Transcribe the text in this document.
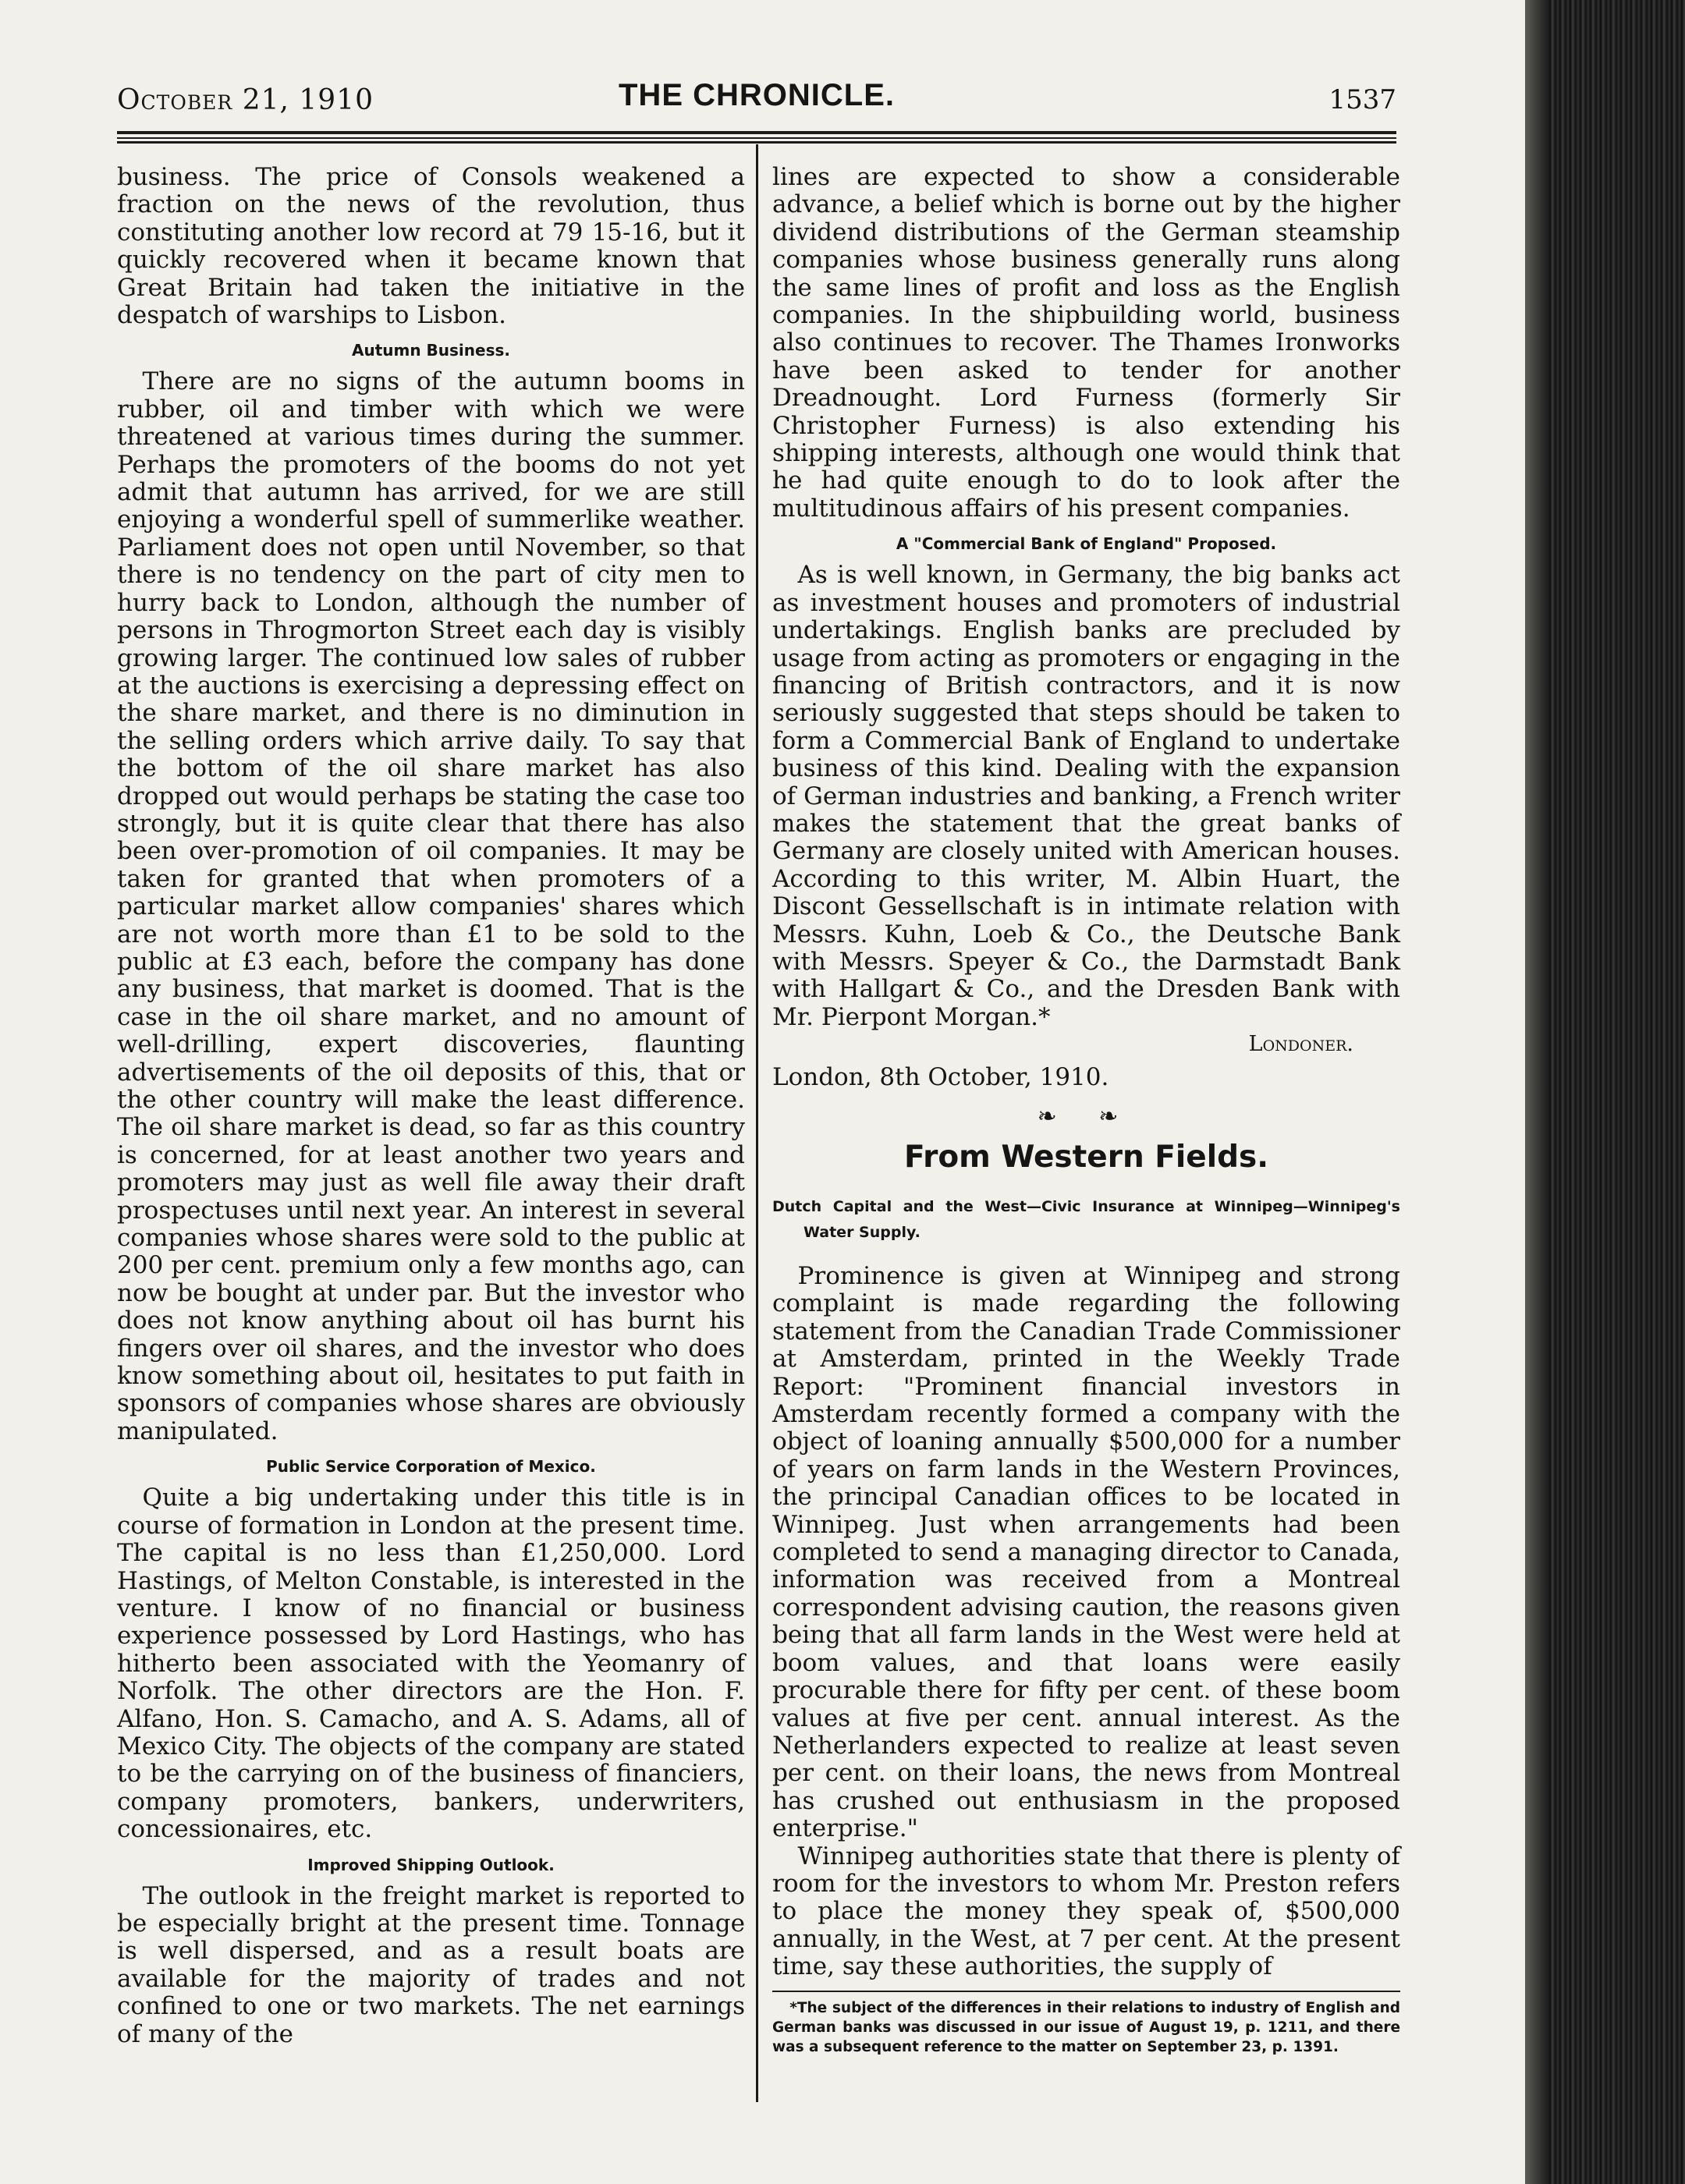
October 21, 1910	THE CHRONICLE.	1537

business. The price of Consols weakened a fraction on the news of the revolution, thus constituting another low record at 79 15-16, but it quickly recovered when it became known that Great Britain had taken the initiative in the despatch of warships to Lisbon.

Autumn Business.

There are no signs of the autumn booms in rubber, oil and timber with which we were threatened at various times during the summer. Perhaps the promoters of the booms do not yet admit that autumn has arrived, for we are still enjoying a wonderful spell of summerlike weather. Parliament does not open until November, so that there is no tendency on the part of city men to hurry back to London, although the number of persons in Throgmorton Street each day is visibly growing larger. The continued low sales of rubber at the auctions is exercising a depressing effect on the share market, and there is no diminution in the selling orders which arrive daily. To say that the bottom of the oil share market has also dropped out would perhaps be stating the case too strongly, but it is quite clear that there has also been over-promotion of oil companies. It may be taken for granted that when promoters of a particular market allow companies' shares which are not worth more than £1 to be sold to the public at £3 each, before the company has done any business, that market is doomed. That is the case in the oil share market, and no amount of well-drilling, expert discoveries, flaunting advertisements of the oil deposits of this, that or the other country will make the least difference. The oil share market is dead, so far as this country is concerned, for at least another two years and promoters may just as well file away their draft prospectuses until next year. An interest in several companies whose shares were sold to the public at 200 per cent. premium only a few months ago, can now be bought at under par. But the investor who does not know anything about oil has burnt his fingers over oil shares, and the investor who does know something about oil, hesitates to put faith in sponsors of companies whose shares are obviously manipulated.

Public Service Corporation of Mexico.

Quite a big undertaking under this title is in course of formation in London at the present time. The capital is no less than £1,250,000. Lord Hastings, of Melton Constable, is interested in the venture. I know of no financial or business experience possessed by Lord Hastings, who has hitherto been associated with the Yeomanry of Norfolk. The other directors are the Hon. F. Alfano, Hon. S. Camacho, and A. S. Adams, all of Mexico City. The objects of the company are stated to be the carrying on of the business of financiers, company promoters, bankers, underwriters, concessionaires, etc.

Improved Shipping Outlook.

The outlook in the freight market is reported to be especially bright at the present time. Tonnage is well dispersed, and as a result boats are available for the majority of trades and not confined to one or two markets. The net earnings of many of the

lines are expected to show a considerable advance, a belief which is borne out by the higher dividend distributions of the German steamship companies whose business generally runs along the same lines of profit and loss as the English companies. In the shipbuilding world, business also continues to recover. The Thames Ironworks have been asked to tender for another Dreadnought. Lord Furness (formerly Sir Christopher Furness) is also extending his shipping interests, although one would think that he had quite enough to do to look after the multitudinous affairs of his present companies.

A "Commercial Bank of England" Proposed.

As is well known, in Germany, the big banks act as investment houses and promoters of industrial undertakings. English banks are precluded by usage from acting as promoters or engaging in the financing of British contractors, and it is now seriously suggested that steps should be taken to form a Commercial Bank of England to undertake business of this kind. Dealing with the expansion of German industries and banking, a French writer makes the statement that the great banks of Germany are closely united with American houses. According to this writer, M. Albin Huart, the Discont Gessellschaft is in intimate relation with Messrs. Kuhn, Loeb & Co., the Deutsche Bank with Messrs. Speyer & Co., the Darmstadt Bank with Hallgart & Co., and the Dresden Bank with Mr. Pierpont Morgan.*

Londoner.
London, 8th October, 1910.
❧ ❧
From Western Fields.
Dutch Capital and the West—Civic Insurance at Winnipeg—Winnipeg's Water Supply.

Prominence is given at Winnipeg and strong complaint is made regarding the following statement from the Canadian Trade Commissioner at Amsterdam, printed in the Weekly Trade Report: "Prominent financial investors in Amsterdam recently formed a company with the object of loaning annually $500,000 for a number of years on farm lands in the Western Provinces, the principal Canadian offices to be located in Winnipeg. Just when arrangements had been completed to send a managing director to Canada, information was received from a Montreal correspondent advising caution, the reasons given being that all farm lands in the West were held at boom values, and that loans were easily procurable there for fifty per cent. of these boom values at five per cent. annual interest. As the Netherlanders expected to realize at least seven per cent. on their loans, the news from Montreal has crushed out enthusiasm in the proposed enterprise."

Winnipeg authorities state that there is plenty of room for the investors to whom Mr. Preston refers to place the money they speak of, $500,000 annually, in the West, at 7 per cent. At the present time, say these authorities, the supply of

*The subject of the differences in their relations to industry of English and German banks was discussed in our issue of August 19, p. 1211, and there was a subsequent reference to the matter on September 23, p. 1391.
